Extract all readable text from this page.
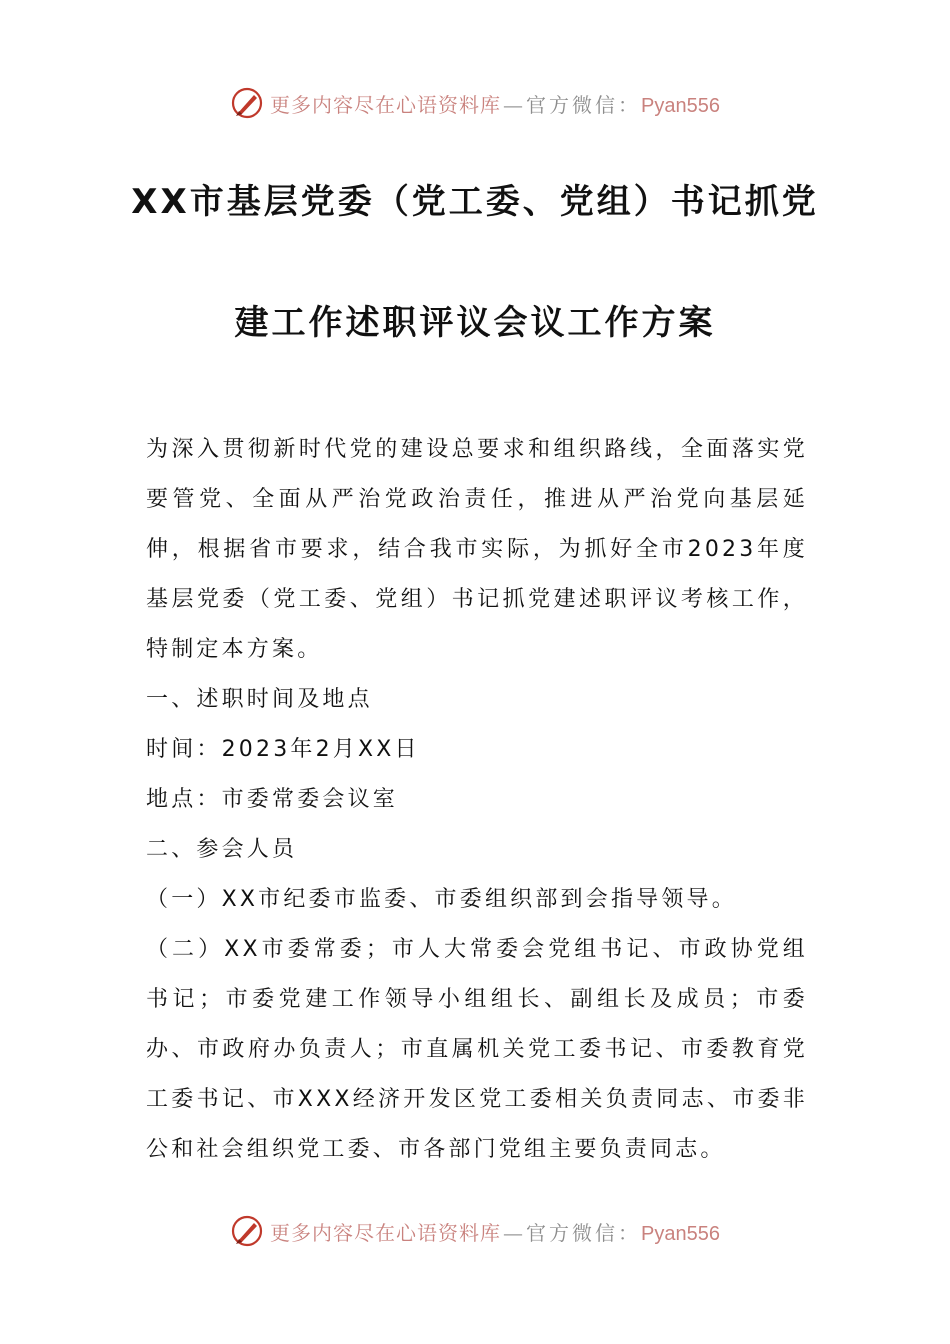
更多内容尽在心语资料库 — 官方微信：Pyan556
XX市基层党委（党工委、党组）书记抓党
建工作述职评议会议工作方案

为深入贯彻新时代党的建设总要求和组织路线，全面落实党要管党、全面从严治党政治责任，推进从严治党向基层延伸，根据省市要求，结合我市实际，为抓好全市2023年度基层党委（党工委、党组）书记抓党建述职评议考核工作，特制定本方案。

一、述职时间及地点

时间：2023年2月XX日

地点：市委常委会议室

二、参会人员

（一）XX市纪委市监委、市委组织部到会指导领导。

（二）XX市委常委；市人大常委会党组书记、市政协党组书记；市委党建工作领导小组组长、副组长及成员；市委办、市政府办负责人；市直属机关党工委书记、市委教育党工委书记、市XXX经济开发区党工委相关负责同志、市委非公和社会组织党工委、市各部门党组主要负责同志。

更多内容尽在心语资料库 — 官方微信：Pyan556
